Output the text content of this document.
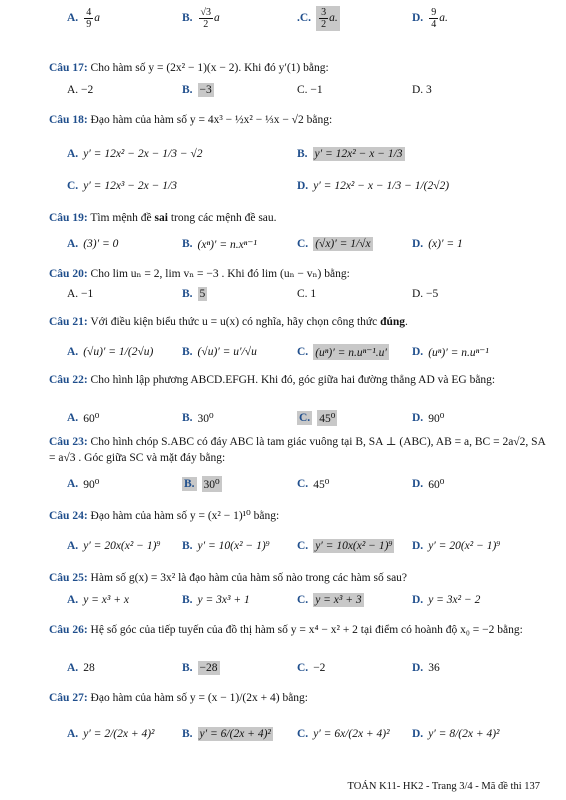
A. $\frac{4}{9}$ a	B. $\frac{√3}{2}$ a	.C. $\frac{3}{2} a$.	D. $\frac{9}{4} a$.
Câu 17: Cho hàm số y = (2x² − 1)(x − 2). Khi đó y′(1) bằng:
A. −2	B. −3	C. −1	D. 3
Câu 18: Đạo hàm của hàm số y = 4x³ − ½x² − ⅓x − √2 bằng:
A. y′ = 12x² − 2x − 1/3 − √2	B. y′ = 12x² − x − 1/3
C. y′ = 12x³ − 2x − 1/3	D. y′ = 12x² − x − 1/3 − 1/(2√2)
Câu 19: Tìm mệnh đề sai trong các mệnh đề sau.
A. (3)′ = 0	B. (xⁿ)′ = n.xⁿ⁻¹	C. (√x)′ = 1/√x	D. (x)′ = 1
Câu 20: Cho lim uₙ = 2, lim vₙ = −3 . Khi đó lim (uₙ − vₙ) bằng:
A. −1	B. 5	C. 1	D. −5
Câu 21: Với điều kiện biểu thức u = u(x) có nghĩa, hãy chọn công thức đúng.
A. (√u)′ = 1/(2√u) B. (√u)′ = u′/√u	C. (uⁿ)′ = n.uⁿ⁻¹.u′ D. (uⁿ)′ = n.uⁿ⁻¹
Câu 22: Cho hình lập phương ABCD.EFGH. Khi đó, góc giữa hai đường thẳng AD và EG bằng:
A. 60⁰	B. 30⁰	C. 45⁰	D. 90⁰
Câu 23: Cho hình chóp S.ABC có đáy ABC là tam giác vuông tại B, SA ⊥ (ABC), AB = a, BC = 2a√2, SA = a√3 . Góc giữa SC và mặt đáy bằng:
A. 90⁰	B. 30⁰	C. 45⁰	D. 60⁰
Câu 24: Đạo hàm của hàm số y = (x² − 1)¹⁰ bằng:
A. y′ = 20x(x² − 1)⁹ B. y′ = 10(x² − 1)⁹ C. y′ = 10x(x² − 1)⁹ D. y′ = 20(x² − 1)⁹
Câu 25: Hàm số g(x) = 3x² là đạo hàm của hàm số nào trong các hàm số sau?
A. y = x³ + x	B. y = 3x³ + 1	C. y = x³ + 3	D. y = 3x² − 2
Câu 26: Hệ số góc của tiếp tuyến của đồ thị hàm số y = x⁴ − x² + 2 tại điểm có hoành độ x₀ = −2 bằng:
A. 28	B. −28	C. −2	D. 36
Câu 27: Đạo hàm của hàm số y = (x − 1)/(2x + 4) bằng:
A. y′ = 2/(2x + 4)² B. y′ = 6/(2x + 4)² C. y′ = 6x/(2x + 4)² D. y′ = 8/(2x + 4)²
TOÁN K11- HK2 - Trang 3/4 - Mã đề thi 137
